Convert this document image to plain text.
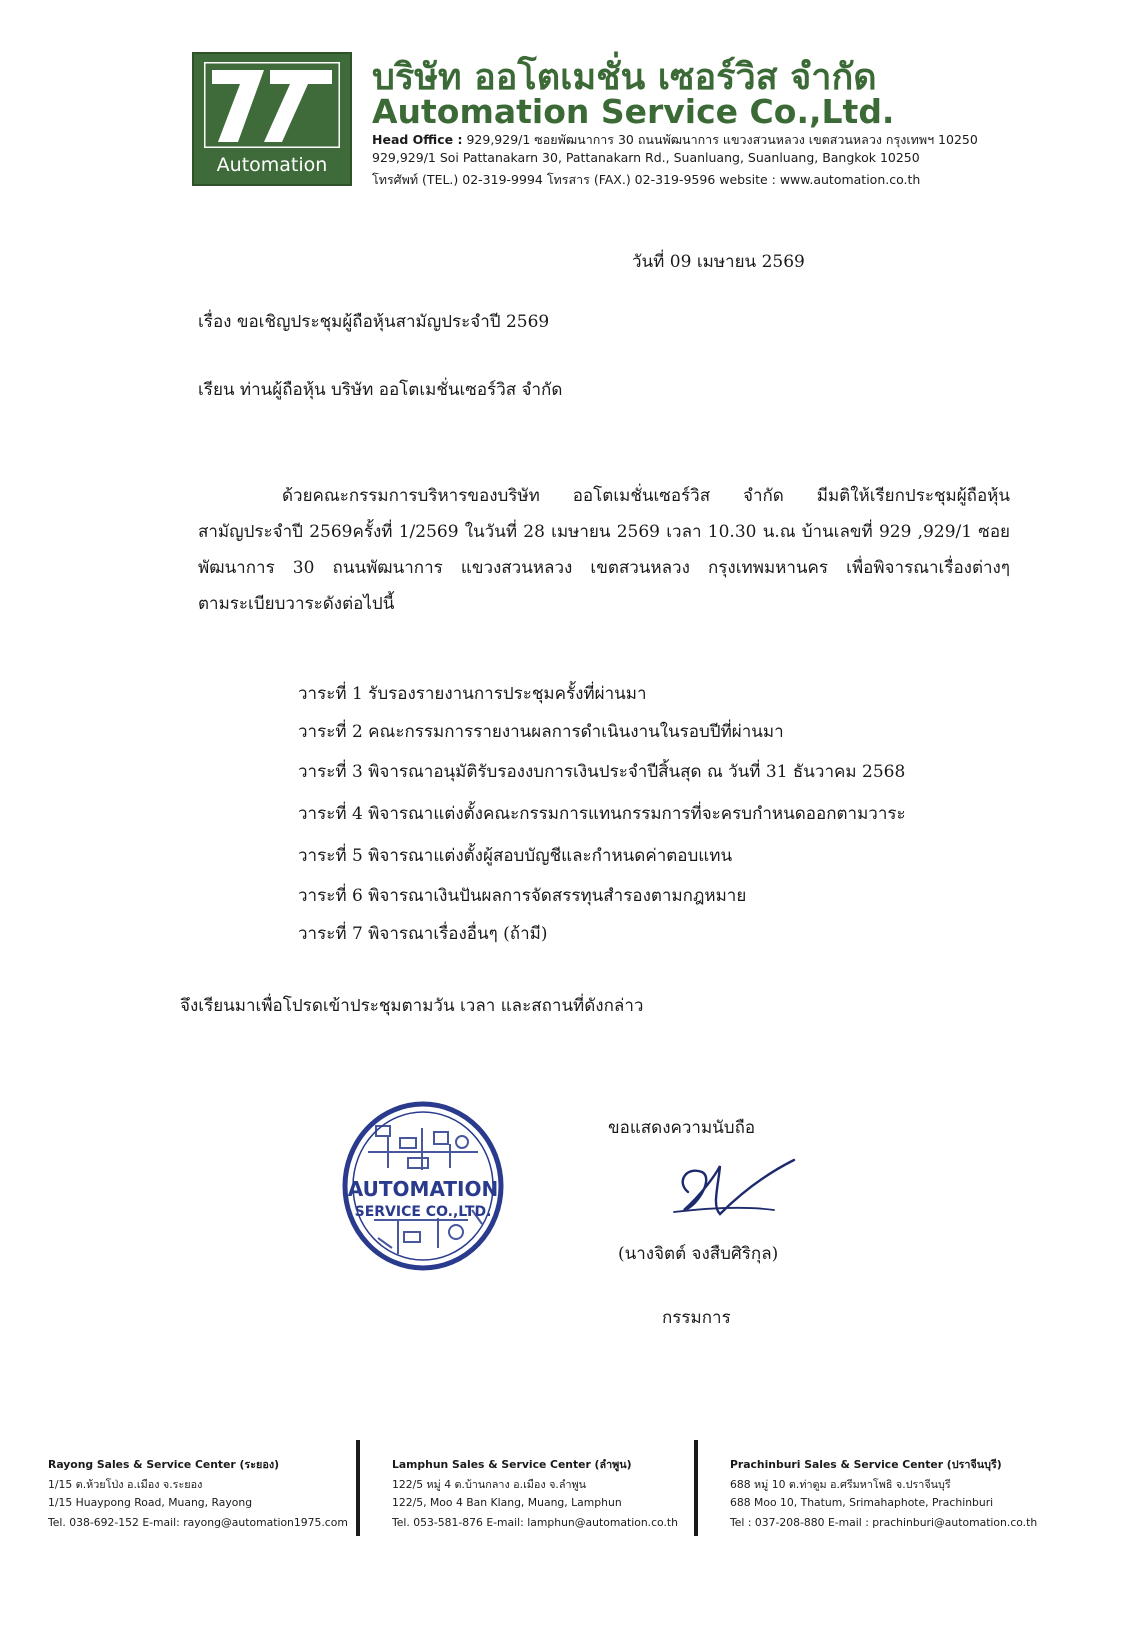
Automation
บริษัท ออโตเมชั่น เซอร์วิส จำกัด
Automation Service Co.,Ltd.
Head Office : 929,929/1 ซอยพัฒนาการ 30 ถนนพัฒนาการ แขวงสวนหลวง เขตสวนหลวง กรุงเทพฯ 10250
929,929/1 Soi Pattanakarn 30, Pattanakarn Rd., Suanluang, Suanluang, Bangkok 10250
โทรศัพท์ (TEL.) 02-319-9994 โทรสาร (FAX.) 02-319-9596 website : www.automation.co.th
วันที่ 09 เมษายน 2569
เรื่อง ขอเชิญประชุมผู้ถือหุ้นสามัญประจำปี 2569
เรียน ท่านผู้ถือหุ้น บริษัท ออโตเมชั่นเซอร์วิส จำกัด
ด้วยคณะกรรมการบริหารของบริษัท ออโตเมชั่นเซอร์วิส จำกัด มีมติให้เรียกประชุมผู้ถือหุ้น
สามัญประจำปี 2569ครั้งที่ 1/2569 ในวันที่ 28 เมษายน 2569 เวลา 10.30 น.ณ บ้านเลขที่ 929 ,929/1 ซอย
พัฒนาการ 30 ถนนพัฒนาการ แขวงสวนหลวง เขตสวนหลวง กรุงเทพมหานคร เพื่อพิจารณาเรื่องต่างๆ
ตามระเบียบวาระดังต่อไปนี้
วาระที่ 1 รับรองรายงานการประชุมครั้งที่ผ่านมา
วาระที่ 2 คณะกรรมการรายงานผลการดำเนินงานในรอบปีที่ผ่านมา
วาระที่ 3 พิจารณาอนุมัติรับรองงบการเงินประจำปีสิ้นสุด ณ วันที่ 31 ธันวาคม 2568
วาระที่ 4 พิจารณาแต่งตั้งคณะกรรมการแทนกรรมการที่จะครบกำหนดออกตามวาระ
วาระที่ 5 พิจารณาแต่งตั้งผู้สอบบัญชีและกำหนดค่าตอบแทน
วาระที่ 6 พิจารณาเงินปันผลการจัดสรรทุนสำรองตามกฎหมาย
วาระที่ 7 พิจารณาเรื่องอื่นๆ (ถ้ามี)
จึงเรียนมาเพื่อโปรดเข้าประชุมตามวัน เวลา และสถานที่ดังกล่าว
AUTOMATION
SERVICE CO.,LTD.
ขอแสดงความนับถือ
(นางจิตต์ จงสืบศิริกุล)
กรรมการ
Rayong Sales & Service Center (ระยอง)
1/15 ต.ห้วยโป่ง อ.เมือง จ.ระยอง
1/15 Huaypong Road, Muang, Rayong
Tel. 038-692-152 E-mail: rayong@automation1975.com
Lamphun Sales & Service Center (ลำพูน)
122/5 หมู่ 4 ต.บ้านกลาง อ.เมือง จ.ลำพูน
122/5, Moo 4 Ban Klang, Muang, Lamphun
Tel. 053-581-876 E-mail: lamphun@automation.co.th
Prachinburi Sales & Service Center (ปราจีนบุรี)
688 หมู่ 10 ต.ท่าตูม อ.ศรีมหาโพธิ จ.ปราจีนบุรี
688 Moo 10, Thatum, Srimahaphote, Prachinburi
Tel : 037-208-880 E-mail : prachinburi@automation.co.th
